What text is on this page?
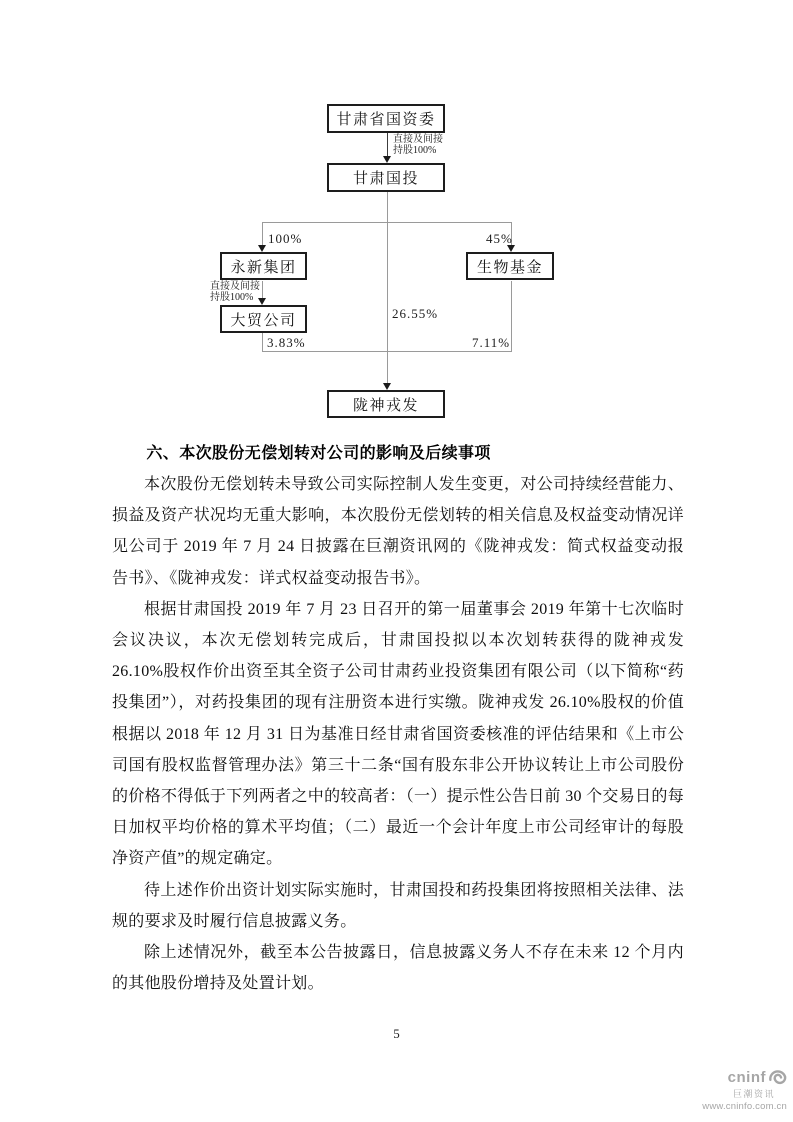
甘肃省国资委
甘肃国投
永新集团	生物基金
大贸公司
陇神戎发
直接及间接
持股100%
直接及间接
持股100%
100%	45%
26.55%
3.83%	7.11%

六、本次股份无偿划转对公司的影响及后续事项

本次股份无偿划转未导致公司实际控制人发生变更，对公司持续经营能力、损益及资产状况均无重大影响，本次股份无偿划转的相关信息及权益变动情况详见公司于 2019 年 7 月 24 日披露在巨潮资讯网的《陇神戎发：简式权益变动报告书》、《陇神戎发：详式权益变动报告书》。

根据甘肃国投 2019 年 7 月 23 日召开的第一届董事会 2019 年第十七次临时会议决议，本次无偿划转完成后，甘肃国投拟以本次划转获得的陇神戎发 26.10%股权作价出资至其全资子公司甘肃药业投资集团有限公司（以下简称“药投集团”），对药投集团的现有注册资本进行实缴。陇神戎发 26.10%股权的价值根据以 2018 年 12 月 31 日为基准日经甘肃省国资委核准的评估结果和《上市公司国有股权监督管理办法》第三十二条“国有股东非公开协议转让上市公司股份的价格不得低于下列两者之中的较高者：（一）提示性公告日前 30 个交易日的每日加权平均价格的算术平均值；（二）最近一个会计年度上市公司经审计的每股净资产值”的规定确定。

待上述作价出资计划实际实施时，甘肃国投和药投集团将按照相关法律、法规的要求及时履行信息披露义务。

除上述情况外，截至本公告披露日，信息披露义务人不存在未来 12 个月内的其他股份增持及处置计划。

5
cninf
巨潮资讯
www.cninfo.com.cn
